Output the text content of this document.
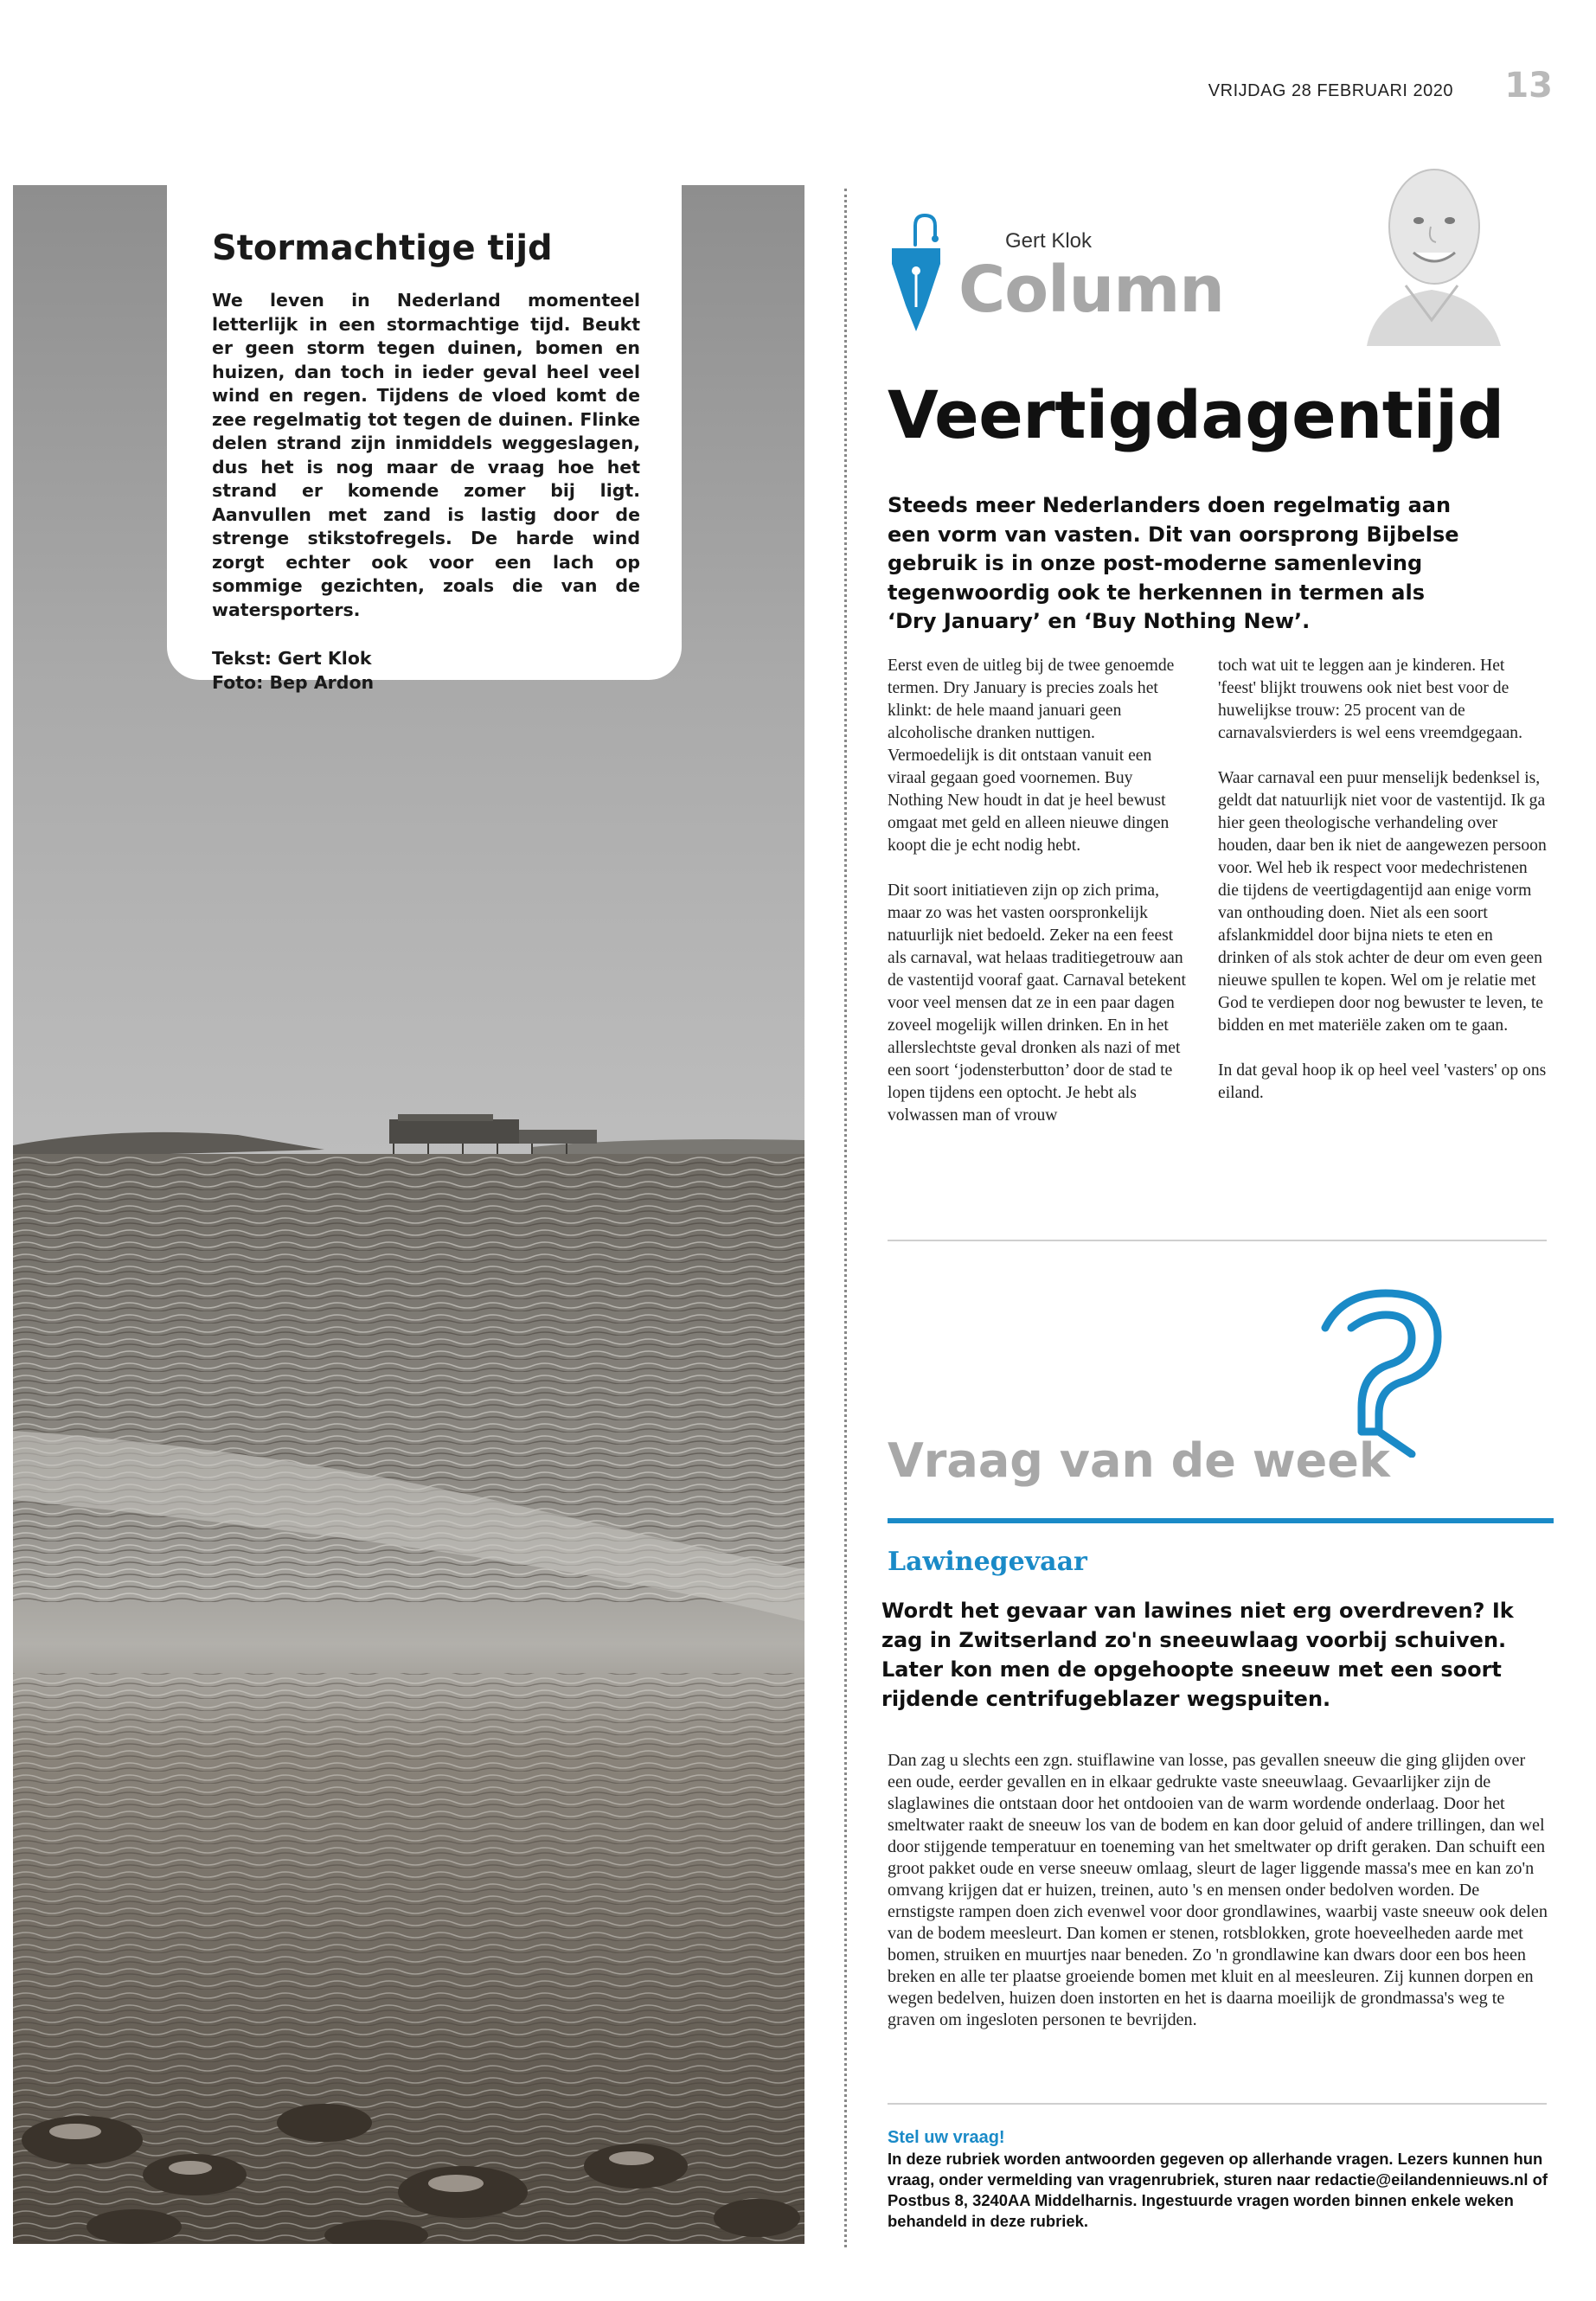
VRIJDAG 28 FEBRUARI 2020	13
Stormachtige tijd

We leven in Nederland momenteel letterlijk in een stormachtige tijd. Beukt er geen storm tegen duinen, bomen en huizen, dan toch in ieder geval heel veel wind en regen. Tijdens de vloed komt de zee regelmatig tot tegen de duinen. Flinke delen strand zijn inmiddels weggeslagen, dus het is nog maar de vraag hoe het strand er komende zomer bij ligt. Aanvullen met zand is lastig door de strenge stikstofregels. De harde wind zorgt echter ook voor een lach op sommige gezichten, zoals die van de watersporters.

Tekst: Gert Klok
Foto: Bep Ardon
Gert Klok
Column
Veertigdagentijd
Steeds meer Nederlanders doen regelmatig aan een vorm van vasten. Dit van oorsprong Bijbelse gebruik is in onze post-moderne samenleving tegenwoordig ook te herkennen in termen als ‘Dry January’ en ‘Buy Nothing New’.

Eerst even de uitleg bij de twee genoemde termen. Dry January is precies zoals het klinkt: de hele maand januari geen alcoholische dranken nuttigen. Vermoedelijk is dit ontstaan vanuit een viraal gegaan goed voornemen. Buy Nothing New houdt in dat je heel bewust omgaat met geld en alleen nieuwe dingen koopt die je echt nodig hebt.

Dit soort initiatieven zijn op zich prima, maar zo was het vasten oorspronkelijk natuurlijk niet bedoeld. Zeker na een feest als carnaval, wat helaas traditiegetrouw aan de vastentijd vooraf gaat. Carnaval betekent voor veel mensen dat ze in een paar dagen zoveel mogelijk willen drinken. En in het allerslechtste geval dronken als nazi of met een soort ‘jodensterbutton’ door de stad te lopen tijdens een optocht. Je hebt als volwassen man of vrouw

toch wat uit te leggen aan je kinderen. Het 'feest' blijkt trouwens ook niet best voor de huwelijkse trouw: 25 procent van de carnavalsvierders is wel eens vreemdgegaan.

Waar carnaval een puur menselijk bedenksel is, geldt dat natuurlijk niet voor de vastentijd. Ik ga hier geen theologische verhandeling over houden, daar ben ik niet de aangewezen persoon voor. Wel heb ik respect voor medechristenen die tijdens de veertigdagentijd aan enige vorm van onthouding doen. Niet als een soort afslankmiddel door bijna niets te eten en drinken of als stok achter de deur om even geen nieuwe spullen te kopen. Wel om je relatie met God te verdiepen door nog bewuster te leven, te bidden en met materiële zaken om te gaan.

In dat geval hoop ik op heel veel 'vasters' op ons eiland.

Vraag van de week
Lawinegevaar
Wordt het gevaar van lawines niet erg overdreven? Ik zag in Zwitserland zo'n sneeuwlaag voorbij schuiven. Later kon men de opgehoopte sneeuw met een soort rijdende centrifugeblazer wegspuiten.
Dan zag u slechts een zgn. stuiflawine van losse, pas gevallen sneeuw die ging glijden over een oude, eerder gevallen en in elkaar gedrukte vaste sneeuwlaag. Gevaarlijker zijn de slaglawines die ontstaan door het ontdooien van de warm wordende onderlaag. Door het smeltwater raakt de sneeuw los van de bodem en kan door geluid of andere trillingen, dan wel door stijgende temperatuur en toeneming van het smeltwater op drift geraken. Dan schuift een groot pakket oude en verse sneeuw omlaag, sleurt de lager liggende massa's mee en kan zo'n omvang krijgen dat er huizen, treinen, auto 's en mensen onder bedolven worden. De ernstigste rampen doen zich evenwel voor door grondlawines, waarbij vaste sneeuw ook delen van de bodem meesleurt. Dan komen er stenen, rotsblokken, grote hoeveelheden aarde met bomen, struiken en muurtjes naar beneden. Zo 'n grondlawine kan dwars door een bos heen breken en alle ter plaatse groeiende bomen met kluit en al meesleuren. Zij kunnen dorpen en wegen bedelven, huizen doen instorten en het is daarna moeilijk de grondmassa's weg te graven om ingesloten personen te bevrijden.
Stel uw vraag!
In deze rubriek worden antwoorden gegeven op allerhande vragen. Lezers kunnen hun vraag, onder vermelding van vragenrubriek, sturen naar redactie@eilandennieuws.nl of Postbus 8, 3240AA Middelharnis. Ingestuurde vragen worden binnen enkele weken behandeld in deze rubriek.
